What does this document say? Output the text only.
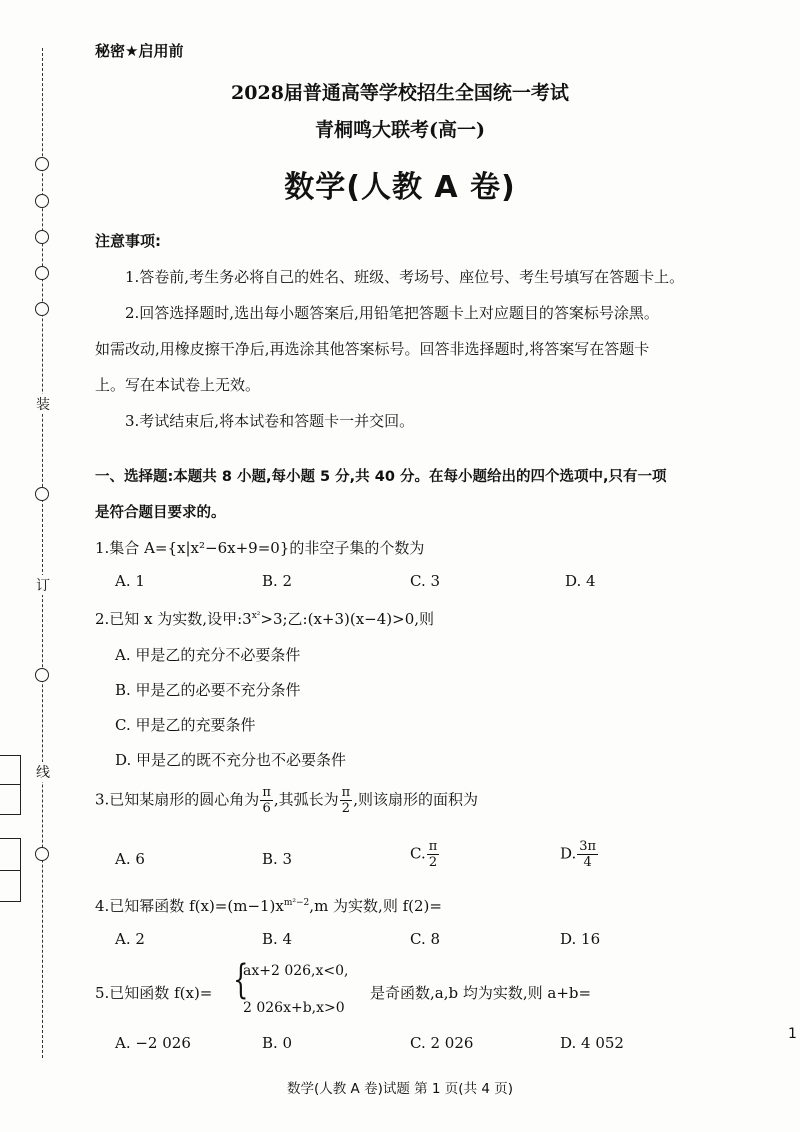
装
订
线
1
秘密★启用前
2028届普通高等学校招生全国统一考试
青桐鸣大联考(高一)
数学(人教 A 卷)
注意事项:
1.答卷前,考生务必将自己的姓名、班级、考场号、座位号、考生号填写在答题卡上。
2.回答选择题时,选出每小题答案后,用铅笔把答题卡上对应题目的答案标号涂黑。
如需改动,用橡皮擦干净后,再选涂其他答案标号。回答非选择题时,将答案写在答题卡
上。写在本试卷上无效。
3.考试结束后,将本试卷和答题卡一并交回。
一、选择题:本题共 8 小题,每小题 5 分,共 40 分。在每小题给出的四个选项中,只有一项
是符合题目要求的。
1.集合 A={x|x²−6x+9=0}的非空子集的个数为
A. 1	B. 2	C. 3	D. 4
2.已知 x 为实数,设甲$:3^{x^2}>3$;乙:(x+3)(x−4)>0,则
A. 甲是乙的充分不必要条件
B. 甲是乙的必要不充分条件
C. 甲是乙的充要条件
D. 甲是乙的既不充分也不必要条件
3.已知某扇形的圆心角为 $\frac{\pi}{6}$ ,其弧长为 $\frac{\pi}{2}$ ,则该扇形的面积为
A. 6	B. 3	C. $\frac{\pi}{2}$	D. $\frac{3\pi}{4}$
4.已知幂函数 $f(x)=(m-1)x^{m^2-2},m$ 为实数,则 f(2)=
A. 2	B. 4	C. 8	D. 16
5.已知函数 f(x)= {
ax+2 026,x<0,
2 026x+b,x>0
是奇函数,a,b 均为实数,则 a+b=
A. −2 026	B. 0	C. 2 026	D. 4 052
数学(人教 A 卷)试题 第 1 页(共 4 页)
